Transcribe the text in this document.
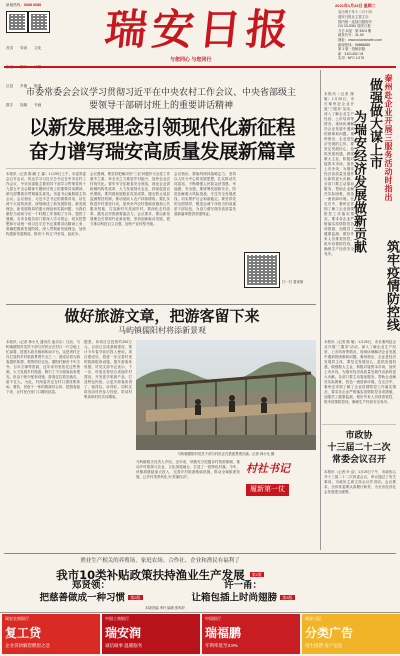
新闻热线：6688 6688
首页 导读 文化生活 数字 读图区县 乡镇 街道数字 视频 书画
瑞安日报
与您同心 与您同行
2021年1月26日 星期二
农历庚子年十二月十四
瑞安日报社主管主办
国内统一连续出版物号
CN 33-0051 瑞安日报
今日 8 版 · 第 3924 期
邮发代号：31-59
网址：www.ruianxinwen.com
新闻热线：66886688
第 1 版 · 投稿信箱
新 · 3101452 / M
实用 · NFC 1/175
市委常委会会议学习贯彻习近平在中央农村工作会议、中央省部级主要领导干部研讨班上的重要讲话精神
以新发展理念引领现代化新征程
奋力谱写瑞安高质量发展新篇章
本报讯（记者 陈 鹏 王 霖）1月25日上午，市委常委会召开会议，传达学习习近平总书记在中央农村工作会议、中央省部级主要领导干部学习贯彻党的十九届五中全会精神专题研讨班上的重要讲话精神，研究部署我市贯彻落实意见。市委书记麻胜聪主持会议。会议指出，习近平总书记的重要讲话，站在两个大局的高度，深刻阐述了新发展阶段、新发展理念、新发展格局的重大理论和实践问题，为我们做好当前和今后一个时期工作指明了方向、提供了遵循。全市各级各部门要深入学习领会，切实把思想和行动统一到习近平总书记重要讲话精神上来，准确把握新发展阶段，深入贯彻新发展理念，加快构建新发展格局，推动“十四五”开好局、起好步。
会议强调，要坚持把解决好“三农”问题作为全党工作重中之重，举全市之力推进乡村振兴，加快农业农村现代化。要牢牢守住粮食安全底线，深化农业供给侧结构性改革，大力发展现代农业，持续促进农民增收。要巩固拓展脱贫攻坚成果，健全防止返贫监测帮扶机制，推动低收入农户持续增收。要扎实推进乡村建设行动，加快补齐农村基础设施和公共服务短板，打造新时代美丽乡村。要深化农村改革，激发农村资源要素活力。会议要求，要以新发展理念引领现代化新征程，坚持创新驱动发展，着力推动科技自立自强，加快产业转型升级。
会议指出，要始终保持战略定力，坚持以人民为中心的发展思想，扎实推动共同富裕，不断增强人民群众获得感、幸福感、安全感。要统筹发展和安全，防范化解重大风险挑战，守住安全发展底线，切实维护社会和谐稳定。要坚持党的全面领导，锻造忠诚干净担当的高素质干部队伍，为奋力谱写瑞安高质量发展新篇章提供坚强保证。
扫一扫 看视频
做好旅游文章，把游客留下来
马屿镇儒阳村将添新景观
本报讯（记者 林小凡 通讯员 池乐乐）日前，马屿镇儒阳村党员干部与村民正在村口一片空地上忙碌着，搭建木质长廊和休闲平台。这是该村正在打造的乡村旅游景观节点之一，建成后将为游客提供休憩、观景的好去处。儒阳村拥有千年古寺、百年古樟等资源，近年来村里依托这些资源，大力发展乡村旅游，吸引了不少游客前来观光。但由于缺少配套设施，游客往往看完就走，留不住人。为此，村两委决定在村口建设集休闲、餐饮、民宿于一体的旅游综合体，把游客留下来，让村民在家门口增收致富。
据悉，该项目总投资约200万元，目前已完成基础建设，预计今年春节前后投入使用。项目建成后，将进一步完善村里的旅游配套设施，提升游客体验感。村党支部书记表示，下一步，村里还将结合美丽乡村建设，开发更多旅游产品，打造特色民宿，让更多游客来得了、留得住、玩得好。同时还将发动村民参与经营，带动村集体和村民共同增收。
马屿镇儒阳村党员干部与村民正在搭建景观长廊。记者 林小凡 摄
马屿镇相关负责人介绍，近年来，该镇充分挖掘各村资源禀赋，推动乡村旅游与农业、文化深度融合，打造了一批特色村落。今年，该镇将继续加大投入，完善乡村旅游基础设施，推动全域旅游发展，让乡村美景转化为“美丽经济”。
村社书记
履新第一仗
秦州赴企业开展三服务活动时指出
做强做大谋上市
为瑞安经济发展做新贡献
筑牢疫情防控线
本报讯（记者 陈 敏）1月25日，市长秦州赴企业开展“三服务”活动，深入了解企业生产经营、上市培育等情况，现场协调解决企业发展中遇到的困难和问题。秦州指出，企业是经济发展的主体，要坚定发展信心，抢抓发展机遇，做强做大主业，积极对接资本市场，加快上市步伐，为瑞安经济高质量发展作出新的更大贡献。各部门要主动靠前服务，帮助企业解决实际困难，营造一流营商环境。在走访中，秦州还详细了解了企业疫情防控工作落实情况，要求各企业严格落实疫情防控各项措施，加强员工健康监测，做好外来人员排查管控，筑牢疫情防控线，确保生产经营安全有序。
本报讯（记者 陈 敏）1月25日，市长秦州赴企业开展“三服务”活动，深入了解企业生产经营、上市培育等情况，现场协调解决企业发展中遇到的困难和问题。秦州指出，企业是经济发展的主体，要坚定发展信心，抢抓发展机遇，做强做大主业，积极对接资本市场，加快上市步伐，为瑞安经济高质量发展作出新的更大贡献。各部门要主动靠前服务，帮助企业解决实际困难，营造一流营商环境。在走访中，秦州还详细了解了企业疫情防控工作落实情况，要求各企业严格落实疫情防控各项措施，加强员工健康监测，做好外来人员排查管控，筑牢疫情防控线，确保生产经营安全有序。
市政协
十三届二十二次
常委会议召开
本报讯（记者 叶 蓓）1月25日下午，市政协召开十三届二十二次常委会议，审议通过了有关事项。市政协主席主持会议并讲话。会议要求，全体常委要认真履行职责，为全市经济社会发展建言献策。
渔业生产相关的养殖场、家庭农场、合作社、企业和渔民有福利了
我市10类补贴政策扶持渔业生产发展 第2版
郑贤领：
把慈善做成一种习惯 第2版
许一甬：
让箱包插上时尚翅膀 第3版
本版责编 李叶 编辑 张鸣轩
瑞安农商银行
复工贷
企业贷款解您燃眉之急
中国工商银行
瑞安润
诚信做事 温暖服务
中国银行
瑞福鹏
年利率低至3.8%
瑞安日报
分类广告
招生招聘 房产信息
